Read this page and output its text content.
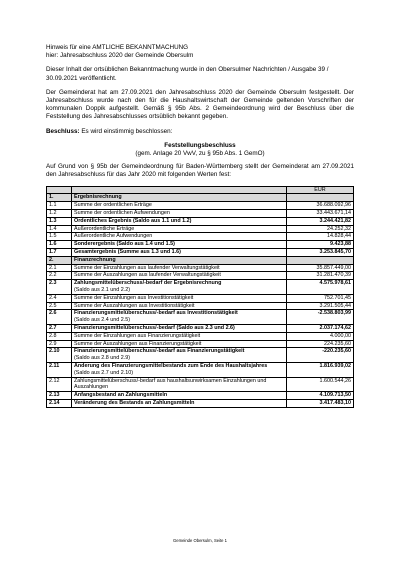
Hinweis für eine AMTLICHE BEKANNTMACHUNG
hier: Jahresabschluss 2020 der Gemeinde Obersulm
Dieser Inhalt der ortsüblichen Bekanntmachung wurde in den Obersulmer Nachrichten / Ausgabe 39 / 30.09.2021 veröffentlicht.
Der Gemeinderat hat am 27.09.2021 den Jahresabschluss 2020 der Gemeinde Obersulm festgestellt. Der Jahresabschluss wurde nach den für die Haushaltswirtschaft der Gemeinde geltenden Vorschriften der kommunalen Doppik aufgestellt. Gemäß § 95b Abs. 2 Gemeindeordnung wird der Beschluss über die Feststellung des Jahresabschlusses ortsüblich bekannt gegeben.
Beschluss: Es wird einstimmig beschlossen:
Feststellungsbeschluss
(gem. Anlage 20 VwV, zu § 95b Abs. 1 GemO)
Auf Grund von § 95b der Gemeindeordnung für Baden-Württemberg stellt der Gemeinderat am 27.09.2021 den Jahresabschluss für das Jahr 2020 mit folgenden Werten fest:
		EUR
1.	Ergebnisrechnung	

1.1	Summe der ordentlichen Erträge	36.688.092,96
1.2	Summe der ordentlichen Aufwendungen	33.443.671,14
1.3	Ordentliches Ergebnis (Saldo aus 1.1 und 1.2)	3.244.421,82
1.4	Außerordentliche Erträge	24.252,32
1.5	Außerordentliche Aufwendungen	14.828,44
1.6	Sonderergebnis (Saldo aus 1.4 und 1.5)	9.423,88
1.7	Gesamtergebnis (Summe aus 1.3 und 1.6)	3.253.845,70
2.	Finanzrechnung	

2.1	Summe der Einzahlungen aus laufender Verwaltungstätigkeit	35.857.449,00
2.2	Summe der Auszahlungen aus laufender Verwaltungstätigkeit	31.281.470,39
2.3	Zahlungsmittelüberschuss/-bedarf der Ergebnisrechnung
(Saldo aus 2.1 und 2.2)	4.575.978,61
2.4	Summe der Einzahlungen aus Investitionstätigkeit	752.701,45
2.5	Summe der Auszahlungen aus Investitionstätigkeit	3.291.505,44
2.6	Finanzierungsmittelüberschuss/-bedarf aus Investitionstätigkeit
(Saldo aus 2.4 und 2.5)	-2.538.803,99
2.7	Finanzierungsmittelüberschuss/-bedarf (Saldo aus 2.3 und 2.6)	2.037.174,62
2.8	Summe der Einzahlungen aus Finanzierungstätigkeit	4.000,00
2.9	Summe der Auszahlungen aus Finanzierungstätigkeit	224.235,60
2.10	Finanzierungsmittelüberschuss/-bedarf aus Finanzierungstätigkeit
(Saldo aus 2.8 und 2.9)	-220.235,60
2.11	Änderung des Finanzierungsmittelbestands zum Ende des Haushaltsjahres
(Saldo aus 2.7 und 2.10)	1.816.939,02
2.12	Zahlungsmittelüberschuss/-bedarf aus haushaltsunwirksamen Einzahlungen und Auszahlungen	1.600.544,26
2.13	Anfangsbestand an Zahlungsmitteln	4.109.713,50
2.14	Veränderung des Bestands an Zahlungsmitteln	3.417.483,10
Gemeinde Obersulm, Seite 1
